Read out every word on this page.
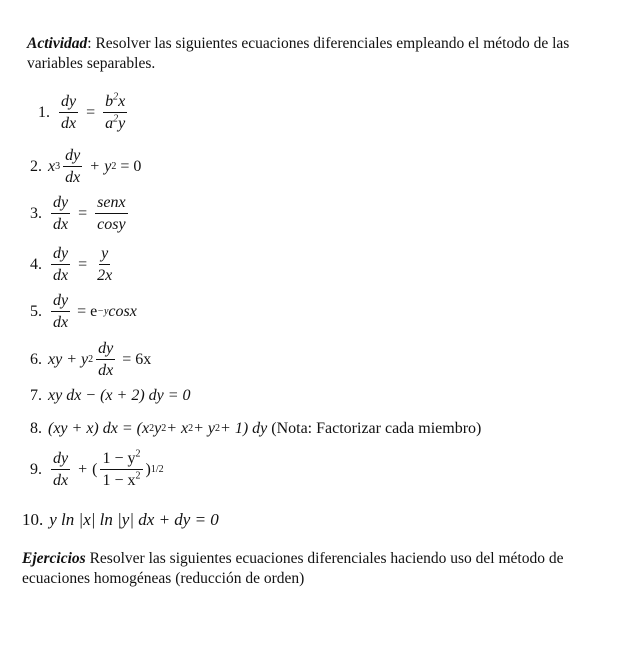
Actividad: Resolver las siguientes ecuaciones diferenciales empleando el método de las variables separables.
1. $\frac{dy}{dx} = \frac{b^2x}{a^2y}$
2. x $3 \frac{dy}{dx} + y$ 2
= 0
3. $\frac{dy}{dx} = \frac{\text{senx}}{\cos y}$
4. $\frac{dy}{dx} = \frac{y}{2x}$
5. $\frac{dy}{dx}$
= e −y cosx
6. xy + y $2 \frac{dy}{dx}$
= 6x
7. xy dx − (x + 2) dy = 0
8. (xy + x) dx = (x 2 y 2 + x 2 + y 2 + 1) dy
(Nota: Factorizar cada miembro)
9. $\frac{dy}{dx}$ + ( $\frac{1 - y^2}{1 - x^2}$ ) 1/2
10. y ln |x| ln |y| dx + dy = 0
Ejercicios Resolver las siguientes ecuaciones diferenciales haciendo uso del método de ecuaciones homogéneas (reducción de orden)
